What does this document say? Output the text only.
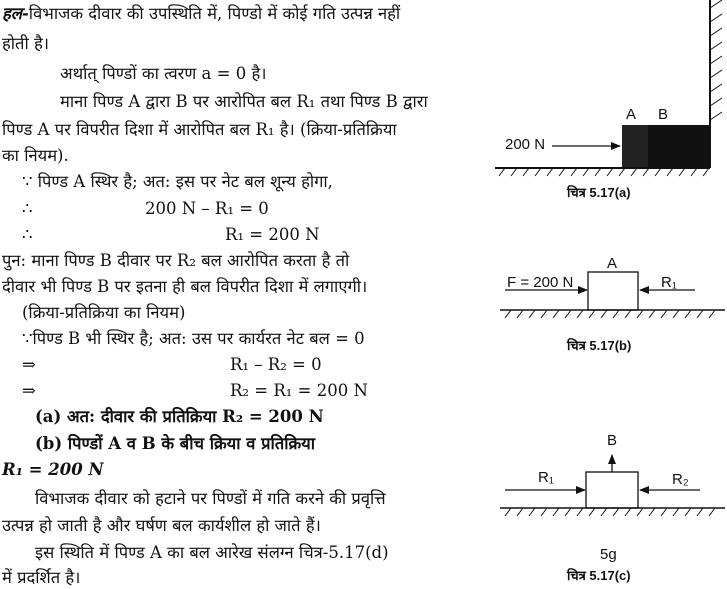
हल-विभाजक दीवार की उपस्थिति में, पिण्डो में कोई गति उत्पन्न नहीं
होती है।
अर्थात् पिण्डों का त्वरण a = 0 है।
माना पिण्ड A द्वारा B पर आरोपित बल R₁ तथा पिण्ड B द्वारा
पिण्ड A पर विपरीत दिशा में आरोपित बल R₁ है। (क्रिया-प्रतिक्रिया
का नियम).
∵ पिण्ड A स्थिर है; अत: इस पर नेट बल शून्य होगा,
∴	200 N – R₁ = 0
∴	R₁ = 200 N
पुन: माना पिण्ड B दीवार पर R₂ बल आरोपित करता है तो
दीवार भी पिण्ड B पर इतना ही बल विपरीत दिशा में लगाएगी।
(क्रिया-प्रतिक्रिया का नियम)
∵पिण्ड B भी स्थिर है; अत: उस पर कार्यरत नेट बल = 0
⇒	R₁ – R₂ = 0
⇒	R₂ = R₁ = 200 N
(a) अत: दीवार की प्रतिक्रिया R₂ = 200 N
(b) पिण्डों A व B के बीच क्रिया व प्रतिक्रिया
R₁ = 200 N
विभाजक दीवार को हटाने पर पिण्डों में गति करने की प्रवृत्ति
उत्पन्न हो जाती है और घर्षण बल कार्यशील हो जाते हैं।
इस स्थिति में पिण्ड A का बल आरेख संलग्न चित्र-5.17(d)
में प्रदर्शित है।
200 N
A B
चित्र 5.17(a)
F = 200 N
A
R₁
चित्र 5.17(b)
B
R₁	R₂
5g
चित्र 5.17(c)
